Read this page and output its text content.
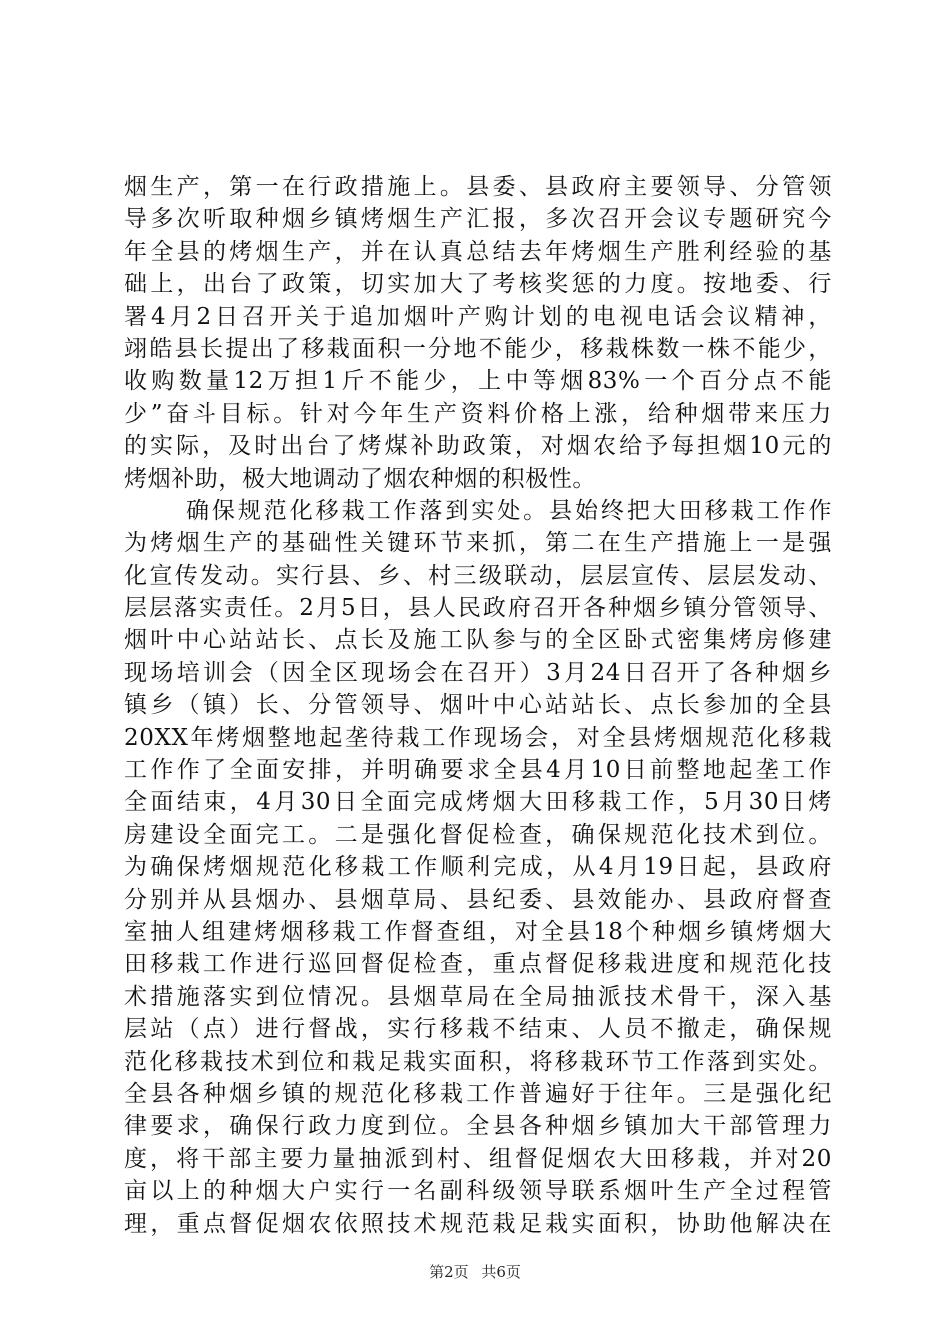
烟生产，第一在行政措施上。县委、县政府主要领导、分管领
导多次听取种烟乡镇烤烟生产汇报，多次召开会议专题研究今
年全县的烤烟生产，并在认真总结去年烤烟生产胜利经验的基
础上，出台了政策，切实加大了考核奖惩的力度。按地委、行
署4月2日召开关于追加烟叶产购计划的电视电话会议精神，
翊皓县长提出了移栽面积一分地不能少，移栽株数一株不能少，
收购数量12万担1斤不能少，上中等烟83%一个百分点不能
少”奋斗目标。针对今年生产资料价格上涨，给种烟带来压力
的实际，及时出台了烤煤补助政策，对烟农给予每担烟10元的
烤烟补助，极大地调动了烟农种烟的积极性。
确保规范化移栽工作落到实处。县始终把大田移栽工作作
为烤烟生产的基础性关键环节来抓，第二在生产措施上一是强
化宣传发动。实行县、乡、村三级联动，层层宣传、层层发动、
层层落实责任。2月5日，县人民政府召开各种烟乡镇分管领导、
烟叶中心站站长、点长及施工队参与的全区卧式密集烤房修建
现场培训会（因全区现场会在召开）3月24日召开了各种烟乡
镇乡（镇）长、分管领导、烟叶中心站站长、点长参加的全县
20XX年烤烟整地起垄待栽工作现场会，对全县烤烟规范化移栽
工作作了全面安排，并明确要求全县4月10日前整地起垄工作
全面结束，4月30日全面完成烤烟大田移栽工作，5月30日烤
房建设全面完工。二是强化督促检查，确保规范化技术到位。
为确保烤烟规范化移栽工作顺利完成，从4月19日起，县政府
分别并从县烟办、县烟草局、县纪委、县效能办、县政府督查
室抽人组建烤烟移栽工作督查组，对全县18个种烟乡镇烤烟大
田移栽工作进行巡回督促检查，重点督促移栽进度和规范化技
术措施落实到位情况。县烟草局在全局抽派技术骨干，深入基
层站（点）进行督战，实行移栽不结束、人员不撤走，确保规
范化移栽技术到位和栽足栽实面积，将移栽环节工作落到实处。
全县各种烟乡镇的规范化移栽工作普遍好于往年。三是强化纪
律要求，确保行政力度到位。全县各种烟乡镇加大干部管理力
度，将干部主要力量抽派到村、组督促烟农大田移栽，并对20
亩以上的种烟大户实行一名副科级领导联系烟叶生产全过程管
理，重点督促烟农依照技术规范栽足栽实面积，协助他解决在
第2页 共6页
